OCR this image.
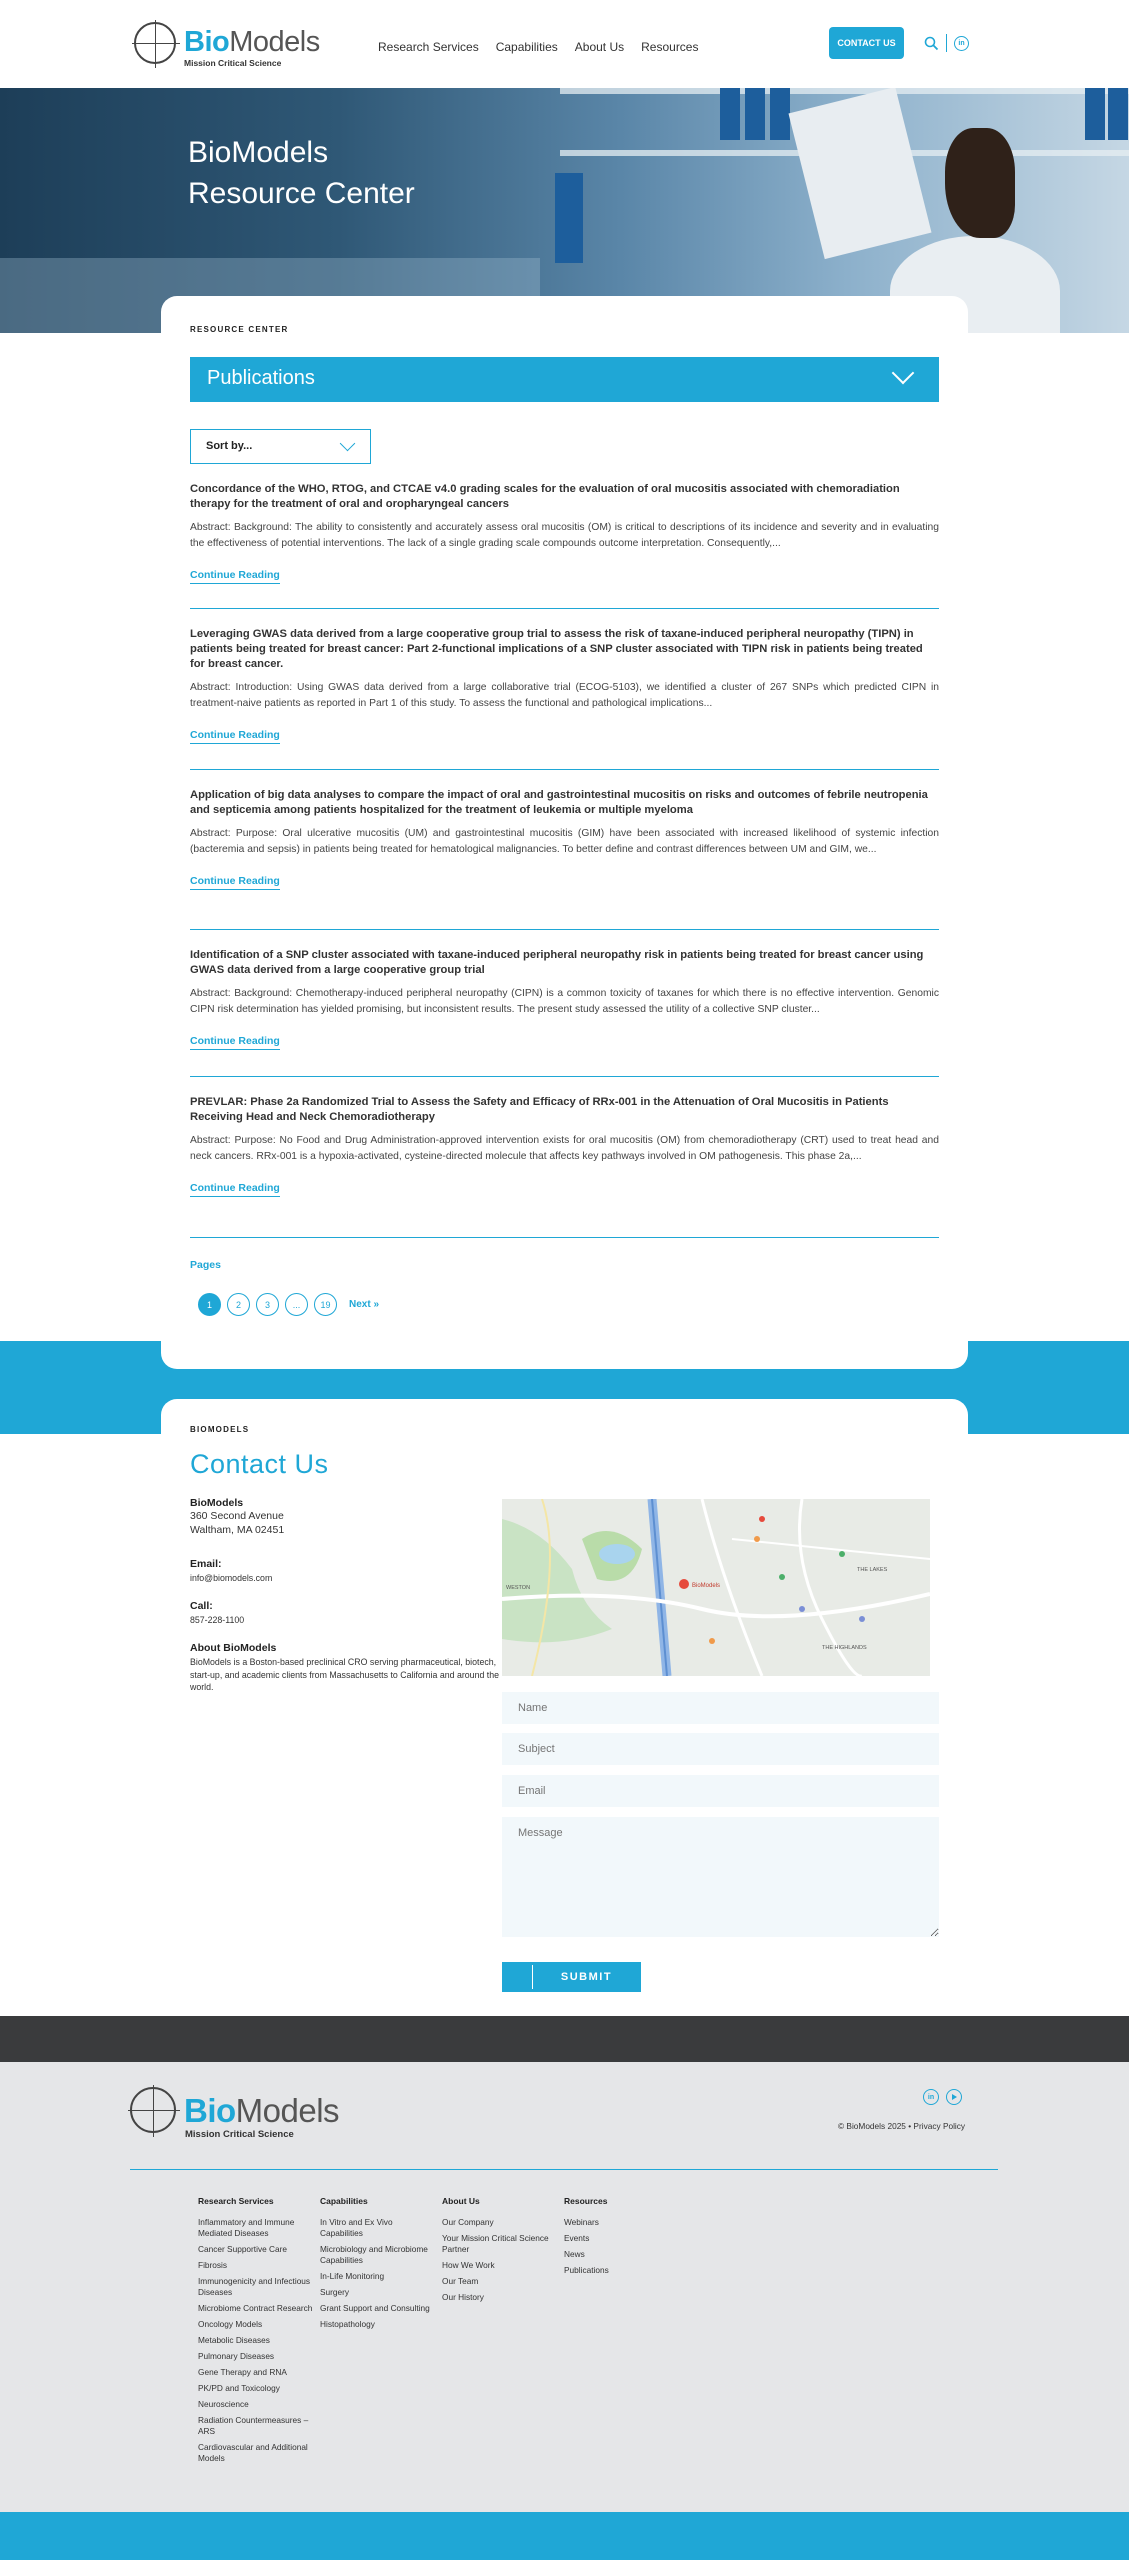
BioModels
Mission Critical Science
Research Services Capabilities About Us Resources	CONTACT US	in
BioModels
Resource Center
RESOURCE CENTER
Publications
Sort by...
Concordance of the WHO, RTOG, and CTCAE v4.0 grading scales for the evaluation of oral mucositis associated with chemoradiation therapy for the treatment of oral and oropharyngeal cancers
Abstract: Background: The ability to consistently and accurately assess oral mucositis (OM) is critical to descriptions of its incidence and severity and in evaluating the effectiveness of potential interventions. The lack of a single grading scale compounds outcome interpretation. Consequently,...
Continue Reading
Leveraging GWAS data derived from a large cooperative group trial to assess the risk of taxane-induced peripheral neuropathy (TIPN) in patients being treated for breast cancer: Part 2-functional implications of a SNP cluster associated with TIPN risk in patients being treated for breast cancer.
Abstract: Introduction: Using GWAS data derived from a large collaborative trial (ECOG-5103), we identified a cluster of 267 SNPs which predicted CIPN in treatment-naive patients as reported in Part 1 of this study. To assess the functional and pathological implications...
Continue Reading
Application of big data analyses to compare the impact of oral and gastrointestinal mucositis on risks and outcomes of febrile neutropenia and septicemia among patients hospitalized for the treatment of leukemia or multiple myeloma
Abstract: Purpose: Oral ulcerative mucositis (UM) and gastrointestinal mucositis (GIM) have been associated with increased likelihood of systemic infection (bacteremia and sepsis) in patients being treated for hematological malignancies. To better define and contrast differences between UM and GIM, we...
Continue Reading
Identification of a SNP cluster associated with taxane-induced peripheral neuropathy risk in patients being treated for breast cancer using GWAS data derived from a large cooperative group trial
Abstract: Background: Chemotherapy-induced peripheral neuropathy (CIPN) is a common toxicity of taxanes for which there is no effective intervention. Genomic CIPN risk determination has yielded promising, but inconsistent results. The present study assessed the utility of a collective SNP cluster...
Continue Reading
PREVLAR: Phase 2a Randomized Trial to Assess the Safety and Efficacy of RRx-001 in the Attenuation of Oral Mucositis in Patients Receiving Head and Neck Chemoradiotherapy
Abstract: Purpose: No Food and Drug Administration-approved intervention exists for oral mucositis (OM) from chemoradiotherapy (CRT) used to treat head and neck cancers. RRx-001 is a hypoxia-activated, cysteine-directed molecule that affects key pathways involved in OM pathogenesis. This phase 2a,...
Continue Reading
Pages
1	2	3	...	19	Next »
BIOMODELS
Contact Us
BioModels
360 Second Avenue
Waltham, MA 02451
Email:
info@biomodels.com
Call:
857-228-1100
About BioModels
BioModels is a Boston-based preclinical CRO serving pharmaceutical, biotech, start-up, and academic clients from Massachusetts to California and around the world.
BioModels
WESTON
THE LAKES
THE HIGHLANDS
Name
Subject
Email
Message
SUBMIT
BioModels
Mission Critical Science
in
© BioModels 2025 • Privacy Policy
Research Services
Inflammatory and Immune Mediated Diseases
Cancer Supportive Care
Fibrosis
Immunogenicity and Infectious Diseases
Microbiome Contract Research
Oncology Models
Metabolic Diseases
Pulmonary Diseases
Gene Therapy and RNA
PK/PD and Toxicology
Neuroscience
Radiation Countermeasures – ARS
Cardiovascular and Additional Models
Capabilities
In Vitro and Ex Vivo Capabilities
Microbiology and Microbiome Capabilities
In-Life Monitoring
Surgery
Grant Support and Consulting
Histopathology
About Us
Our Company
Your Mission Critical Science Partner
How We Work
Our Team
Our History
Resources
Webinars
Events
News
Publications
